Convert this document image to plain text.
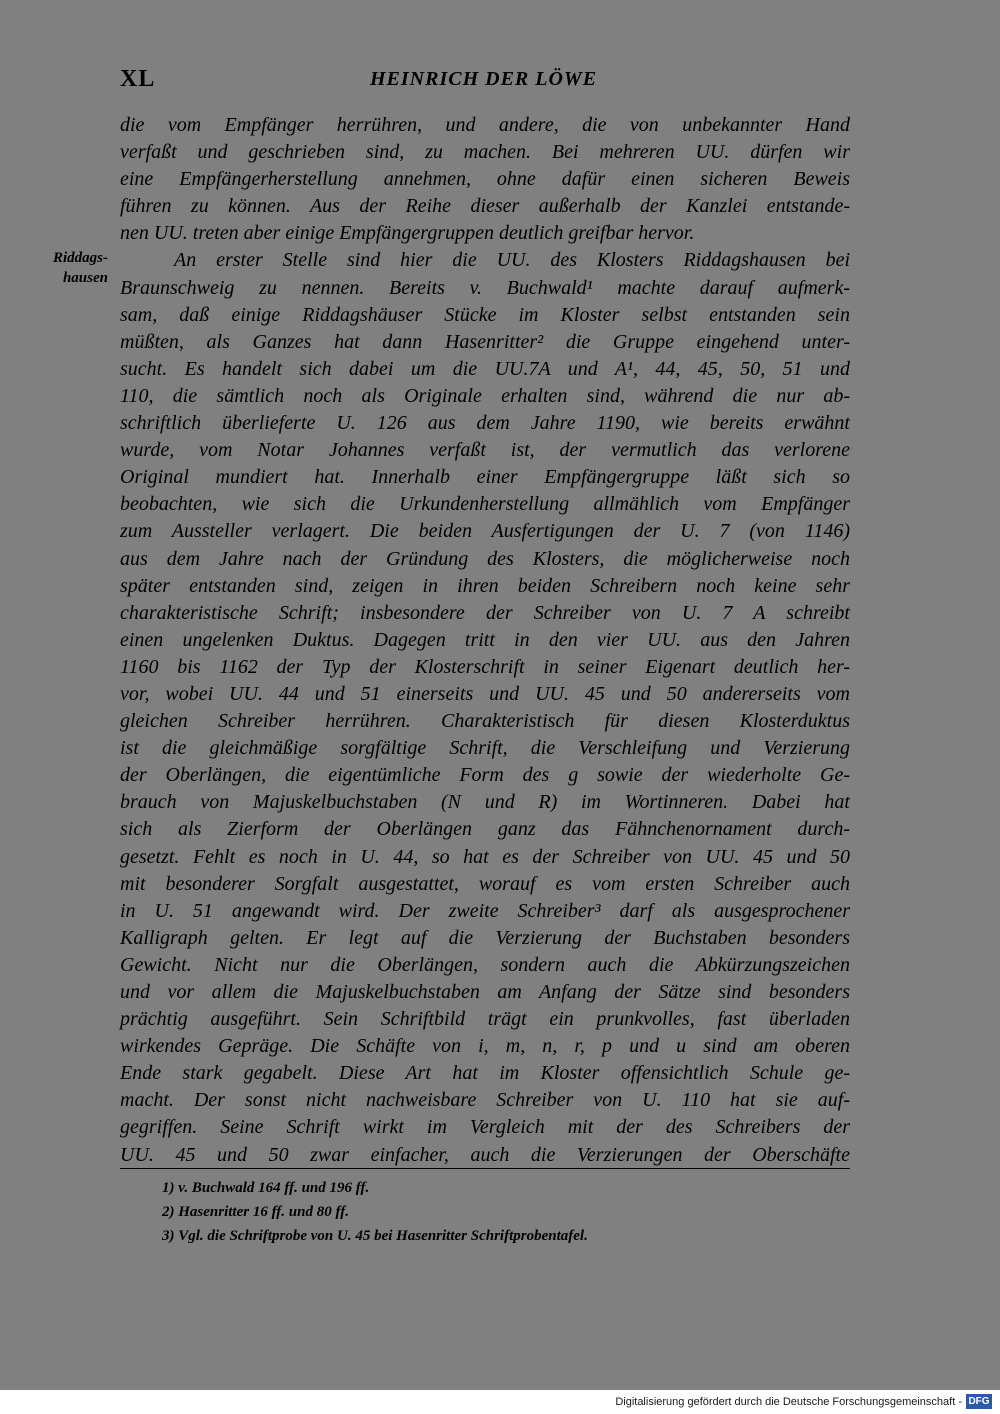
XL	HEINRICH DER LÖWE
Riddags-
hausen
die vom Empfänger herrühren, und andere, die von unbekannter Hand
verfaßt und geschrieben sind, zu machen. Bei mehreren UU. dürfen wir
eine Empfängerherstellung annehmen, ohne dafür einen sicheren Beweis
führen zu können. Aus der Reihe dieser außerhalb der Kanzlei entstande-
nen UU. treten aber einige Empfängergruppen deutlich greifbar hervor.
An erster Stelle sind hier die UU. des Klosters Riddagshausen bei
Braunschweig zu nennen. Bereits v. Buchwald¹ machte darauf aufmerk-
sam, daß einige Riddagshäuser Stücke im Kloster selbst entstanden sein
müßten, als Ganzes hat dann Hasenritter² die Gruppe eingehend unter-
sucht. Es handelt sich dabei um die UU.7A und A¹, 44, 45, 50, 51 und
110, die sämtlich noch als Originale erhalten sind, während die nur ab-
schriftlich überlieferte U. 126 aus dem Jahre 1190, wie bereits erwähnt
wurde, vom Notar Johannes verfaßt ist, der vermutlich das verlorene
Original mundiert hat. Innerhalb einer Empfängergruppe läßt sich so
beobachten, wie sich die Urkundenherstellung allmählich vom Empfänger
zum Aussteller verlagert. Die beiden Ausfertigungen der U. 7 (von 1146)
aus dem Jahre nach der Gründung des Klosters, die möglicherweise noch
später entstanden sind, zeigen in ihren beiden Schreibern noch keine sehr
charakteristische Schrift; insbesondere der Schreiber von U. 7 A schreibt
einen ungelenken Duktus. Dagegen tritt in den vier UU. aus den Jahren
1160 bis 1162 der Typ der Klosterschrift in seiner Eigenart deutlich her-
vor, wobei UU. 44 und 51 einerseits und UU. 45 und 50 andererseits vom
gleichen Schreiber herrühren. Charakteristisch für diesen Klosterduktus
ist die gleichmäßige sorgfältige Schrift, die Verschleifung und Verzierung
der Oberlängen, die eigentümliche Form des g sowie der wiederholte Ge-
brauch von Majuskelbuchstaben (N und R) im Wortinneren. Dabei hat
sich als Zierform der Oberlängen ganz das Fähnchenornament durch-
gesetzt. Fehlt es noch in U. 44, so hat es der Schreiber von UU. 45 und 50
mit besonderer Sorgfalt ausgestattet, worauf es vom ersten Schreiber auch
in U. 51 angewandt wird. Der zweite Schreiber³ darf als ausgesprochener
Kalligraph gelten. Er legt auf die Verzierung der Buchstaben besonders
Gewicht. Nicht nur die Oberlängen, sondern auch die Abkürzungszeichen
und vor allem die Majuskelbuchstaben am Anfang der Sätze sind besonders
prächtig ausgeführt. Sein Schriftbild trägt ein prunkvolles, fast überladen
wirkendes Gepräge. Die Schäfte von i, m, n, r, p und u sind am oberen
Ende stark gegabelt. Diese Art hat im Kloster offensichtlich Schule ge-
macht. Der sonst nicht nachweisbare Schreiber von U. 110 hat sie auf-
gegriffen. Seine Schrift wirkt im Vergleich mit der des Schreibers der
UU. 45 und 50 zwar einfacher, auch die Verzierungen der Oberschäfte
1) v. Buchwald 164 ff. und 196 ff.
2) Hasenritter 16 ff. und 80 ff.
3) Vgl. die Schriftprobe von U. 45 bei Hasenritter Schriftprobentafel.
Digitalisierung gefördert durch die Deutsche Forschungsgemeinschaft - DFG
